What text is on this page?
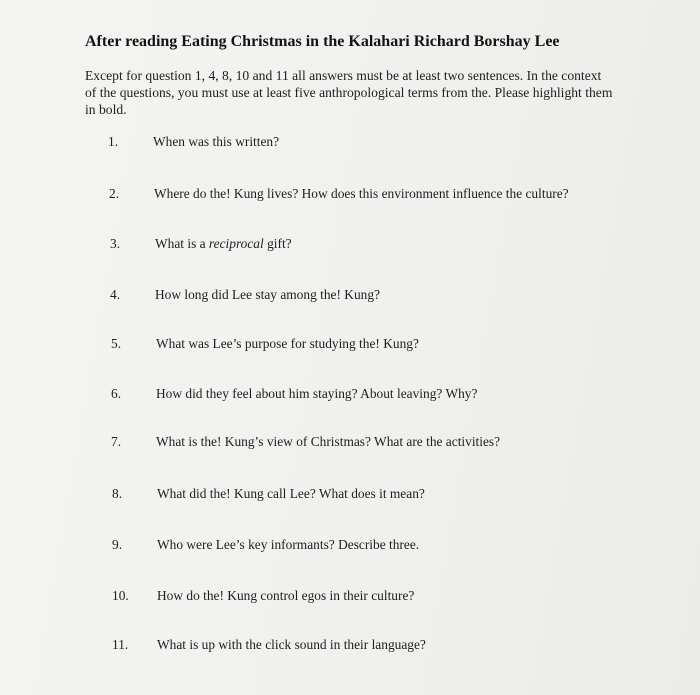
After reading Eating Christmas in the Kalahari Richard Borshay Lee
Except for question 1, 4, 8, 10 and 11 all answers must be at least two sentences. In the context of the questions, you must use at least five anthropological terms from the. Please highlight them in bold.
1.	When was this written?
2.	Where do the! Kung lives? How does this environment influence the culture?
3.	What is a reciprocal gift?
4.	How long did Lee stay among the! Kung?
5.	What was Lee’s purpose for studying the! Kung?
6.	How did they feel about him staying? About leaving? Why?
7.	What is the! Kung’s view of Christmas? What are the activities?
8.	What did the! Kung call Lee? What does it mean?
9.	Who were Lee’s key informants? Describe three.
10. How do the! Kung control egos in their culture?
11. What is up with the click sound in their language?
